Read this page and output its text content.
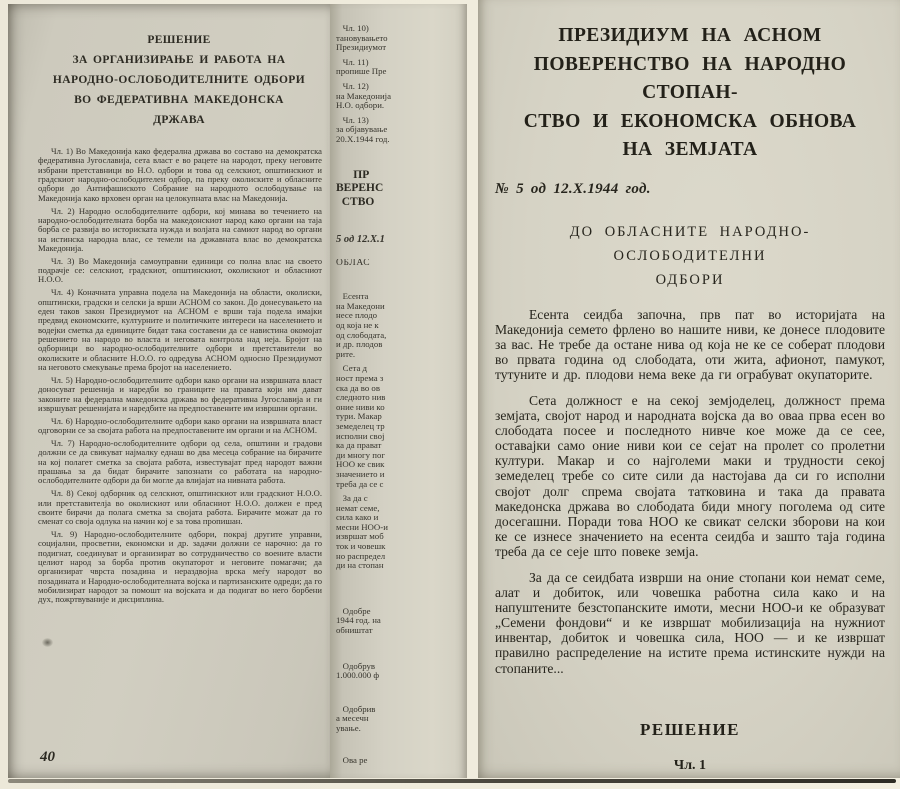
РЕШЕНИЕ

ЗА ОРГАНИЗИРАЊЕ И РАБОТА НА

НАРОДНО-ОСЛОБОДИТЕЛНИТЕ ОДБОРИ

ВО ФЕДЕРАТИВНА МАКЕДОНСКА

ДРЖАВА

Чл. 1) Во Македонија како федерална држава во составо на демократска федеративна Југославија, сета власт е во рацете на народот, преку неговите избрани претставници во Н.О. одбори и това од селскиот, општинскиот и градскиот народно-ослободителен одбор, па преку околиските и обласните одбори до Антифашиското Собрание на народното ослободување на Македонија како врховен орган на целокупната влас на Македонија.

Чл. 2) Народно ослободителните одбори, кој минава во течението на народно-ослободителната борба на македонскиот народ како органи на таја борба се развија во историската нужда и волјата на самиот народ во органи на истинска народна влас, се темели на државната влас во демократска Македонија.

Чл. 3) Во Македонија самоуправни единици со полна влас на своето подрачје се: селскиот, градскиот, општинскиот, околискиот и обласниот Н.О.О.

Чл. 4) Коначната управна подела на Македонија на области, околиски, општински, градски и селски ја врши АСНОМ со закон. До донесувањето на еден таков закон Президиумот на АСНОМ е врши таја подела имајки предвид економските, културните и политичките интереси на населението и водејки сметка да единиците бидат така составени да се навистина окомојат решението на народо во власта и неговата контрола над неја. Бројот на одборници во народно-ослободителните одбори и претставители во околиските и обласните Н.О.О. го одредува АСНОМ односно Президиумот на неговото смекување према бројот на населението.

Чл. 5) Народно-ослободителните одбори како органи на извршната власт доносуват решенија и наредби во границите на правата који им дават законите на федерална македонска држава во федеративна Југославија и ги извршуват решенијата и наредбите на предпоставените им извршни органи.

Чл. 6) Народно-ослободителните одбори како органи на извршната власт одговорни се за својата работа на предпоставените им органи и на АСНОМ.

Чл. 7) Народно-ослободителните одбори од села, општини и градови должни се да свикуват најмалку еднаш во два месеца собрание на бирачите на кој полагет сметка за својата работа, известувајат пред народот важни прашања за да бидат бирачите запознати со работата на народно-ослободителните одбори да би могле да влијајат на нивната работа.

Чл. 8) Секој одборник од селскиот, општинскиот или градскиот Н.О.О. или претставителја во околискиот или обласниот Н.О.О. должен е пред своите бирачи да полага сметка за својата работа. Бирачите можат да го сменат со своја одлука на начин кој е за това пропишан.

Чл. 9) Народно-ослободителните одбори, покрај другите управни, социјални, просветни, економски и др. задачи должни се нарочно: да го подигнат, соединуват и организират во сотрудничество со воените власти целиот народ за борба против окупаторот и неговите помагачи; да организират чврста позадина и нераздвојна врска меѓу народот во позадината и Народно-ослободителната војска и партизанските одреди; да го мобилизират народот за помошт на војската и да подигат во него борбени дух, пожртвуваније и дисциплина.

40

Чл. 10)

тановувањето

Президиумот

Чл. 11)

пропише Пре

Чл. 12)

на Македонија

Н.О. одбори.

Чл. 13)

за објавување

20.X.1944 год.

ПР

ВЕРЕНС

СТВО

5 од 12.X.1
ОБЛАС

Есента

на Македони

несе плодо

од која не к

од слободата,

и др. плодов

рите.

Сета д

ност према з

ска да во ов

следното нив

оние ниви ко

тури. Макар

земеделец тр

исполни свој

ка да прават

ди многу пог

НОО ке свик

значението и

треба да се с

За да с

немат семе,

сила како и

месни НОО-и

извршат моб

ток и човешк

но распредел

ди на стопан

Одобре

1944 год. на

обништат

Одобрув

1.000.000 ф

Одобрив

а месечн

ување.

Ова ре

ПРЕЗИДИУМ НА АСНОМ

ПОВЕРЕНСТВО НА НАРОДНО СТОПАН-

СТВО И ЕКОНОМСКА ОБНОВА

НА ЗЕМЈАТА

№ 5 од 12.X.1944 год.

ДО ОБЛАСНИТЕ НАРОДНО-ОСЛОБОДИТЕЛНИ

ОДБОРИ

Есента сеидба започна, прв пат во историјата на Македонија семето фрлено во нашите ниви, ке донесе плодовите за вас. Не требе да остане нива од која не ке се соберат плодови во првата година од слободата, оти жита, афионот, памукот, тутуните и др. плодови нема веке да ги ограбуват окупаторите.

Сета должност е на секој земјоделец, должност према земјата, својот народ и народната војска да во оваа прва есен во слободата посее и последното нивче кое може да се сее, оставајки само оние ниви кои се сејат на пролет со пролетни култури. Макар и со најголеми маки и трудности секој земеделец требе со сите сили да настојава да си го исполни својот долг спрема својата татковина и така да правата македонска држава во слободата биди многу поголема од сите досегашни. Поради това НОО ке свикат селски зборови на кои ке се изнесе значението на есента сеидба и зашто таја година треба да се сеје што повеке земја.

За да се сеидбата изврши на оние стопани кои немат семе, алат и добиток, или човешка работна сила како и на напуштените безстопанските имоти, месни НОО-и ке образуват „Семени фондови“ и ке извршат мобилизација на нужниот инвентар, добиток и човешка сила, НОО — и ке извршат правилно распределение на истите према истинските нужди на стопаните...

РЕШЕНИЕ
Чл. 1
